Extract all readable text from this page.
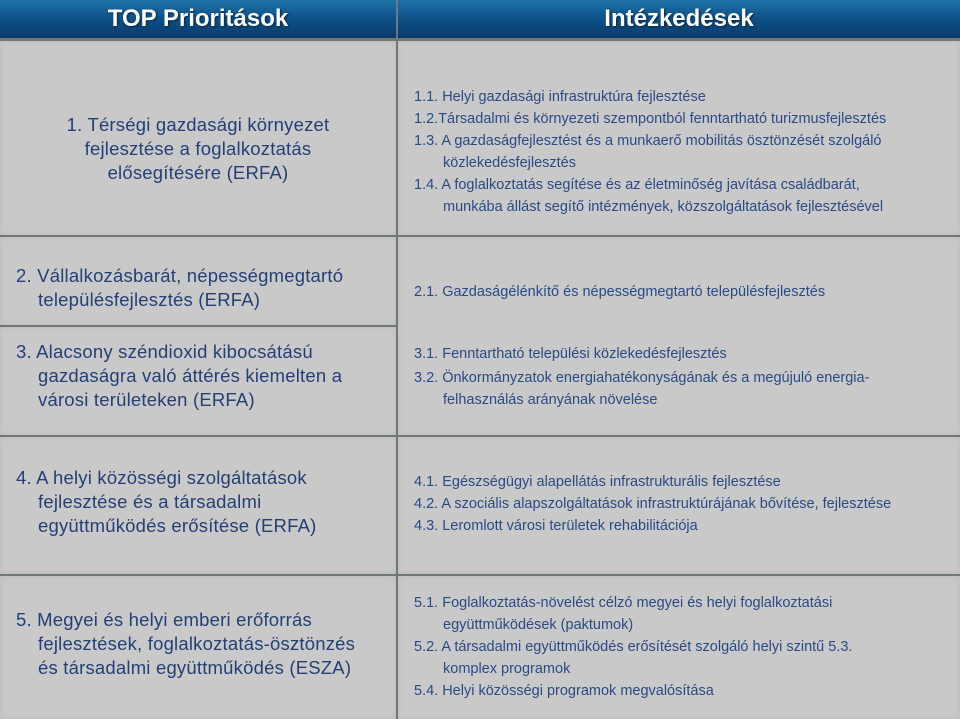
TOP Prioritások	Intézkedések
1. Térségi gazdasági környezet
fejlesztése a foglalkoztatás
elősegítésére (ERFA)
1.1. Helyi gazdasági infrastruktúra fejlesztése
1.2.Társadalmi és környezeti szempontból fenntartható turizmusfejlesztés
1.3. A gazdaságfejlesztést és a munkaerő mobilitás ösztönzését szolgáló
közlekedésfejlesztés
1.4. A foglalkoztatás segítése és az életminőség javítása családbarát,
munkába állást segítő intézmények, közszolgáltatások fejlesztésével
2. Vállalkozásbarát, népességmegtartó
településfejlesztés (ERFA)
3. Alacsony széndioxid kibocsátású
gazdaságra való áttérés kiemelten a
városi területeken (ERFA)
2.1. Gazdaságélénkítő és népességmegtartó településfejlesztés
3.1. Fenntartható települési közlekedésfejlesztés
3.2. Önkormányzatok energiahatékonyságának és a megújuló energia-
felhasználás arányának növelése
4. A helyi közösségi szolgáltatások
fejlesztése és a társadalmi
együttműködés erősítése (ERFA)
4.1. Egészségügyi alapellátás infrastrukturális fejlesztése
4.2. A szociális alapszolgáltatások infrastruktúrájának bővítése, fejlesztése
4.3. Leromlott városi területek rehabilitációja
5. Megyei és helyi emberi erőforrás
fejlesztések, foglalkoztatás-ösztönzés
és társadalmi együttműködés (ESZA)
5.1. Foglalkoztatás-növelést célzó megyei és helyi foglalkoztatási
együttműködések (paktumok)
5.2. A társadalmi együttműködés erősítését szolgáló helyi szintű 5.3.
komplex programok
5.4. Helyi közösségi programok megvalósítása
